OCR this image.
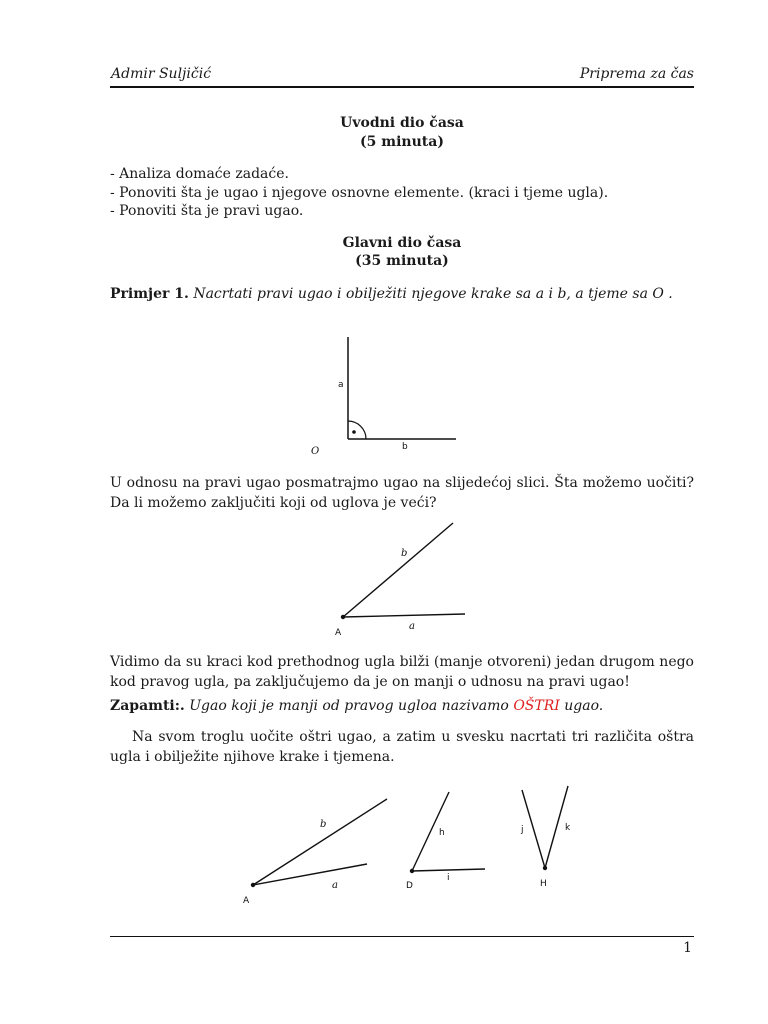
Admir Suljičić	Priprema za čas
Uvodni dio časa
(5 minuta)
- Analiza domaće zadaće.
- Ponoviti šta je ugao i njegove osnovne elemente. (kraci i tjeme ugla).
- Ponoviti šta je pravi ugao.
Glavni dio časa
(35 minuta)
Primjer 1. Nacrtati pravi ugao i obilježiti njegove krake sa a i b, a tjeme sa O .
a
b
O
U odnosu na pravi ugao posmatrajmo ugao na slijedećoj slici. Šta možemo uočiti? Da li možemo zaključiti koji od uglova je veći?
b
a
A
Vidimo da su kraci kod prethodnog ugla bilži (manje otvoreni) jedan drugom nego kod pravog ugla, pa zaključujemo da je on manji o udnosu na pravi ugao!
Zapamti:. Ugao koji je manji od pravog ugloa nazivamo OŠTRI ugao.
Na svom troglu uočite oštri ugao, a zatim u svesku nacrtati tri različita oštra ugla i obilježite njihove krake i tjemena.
b
a
A
h
i
D
j	k
H
1
